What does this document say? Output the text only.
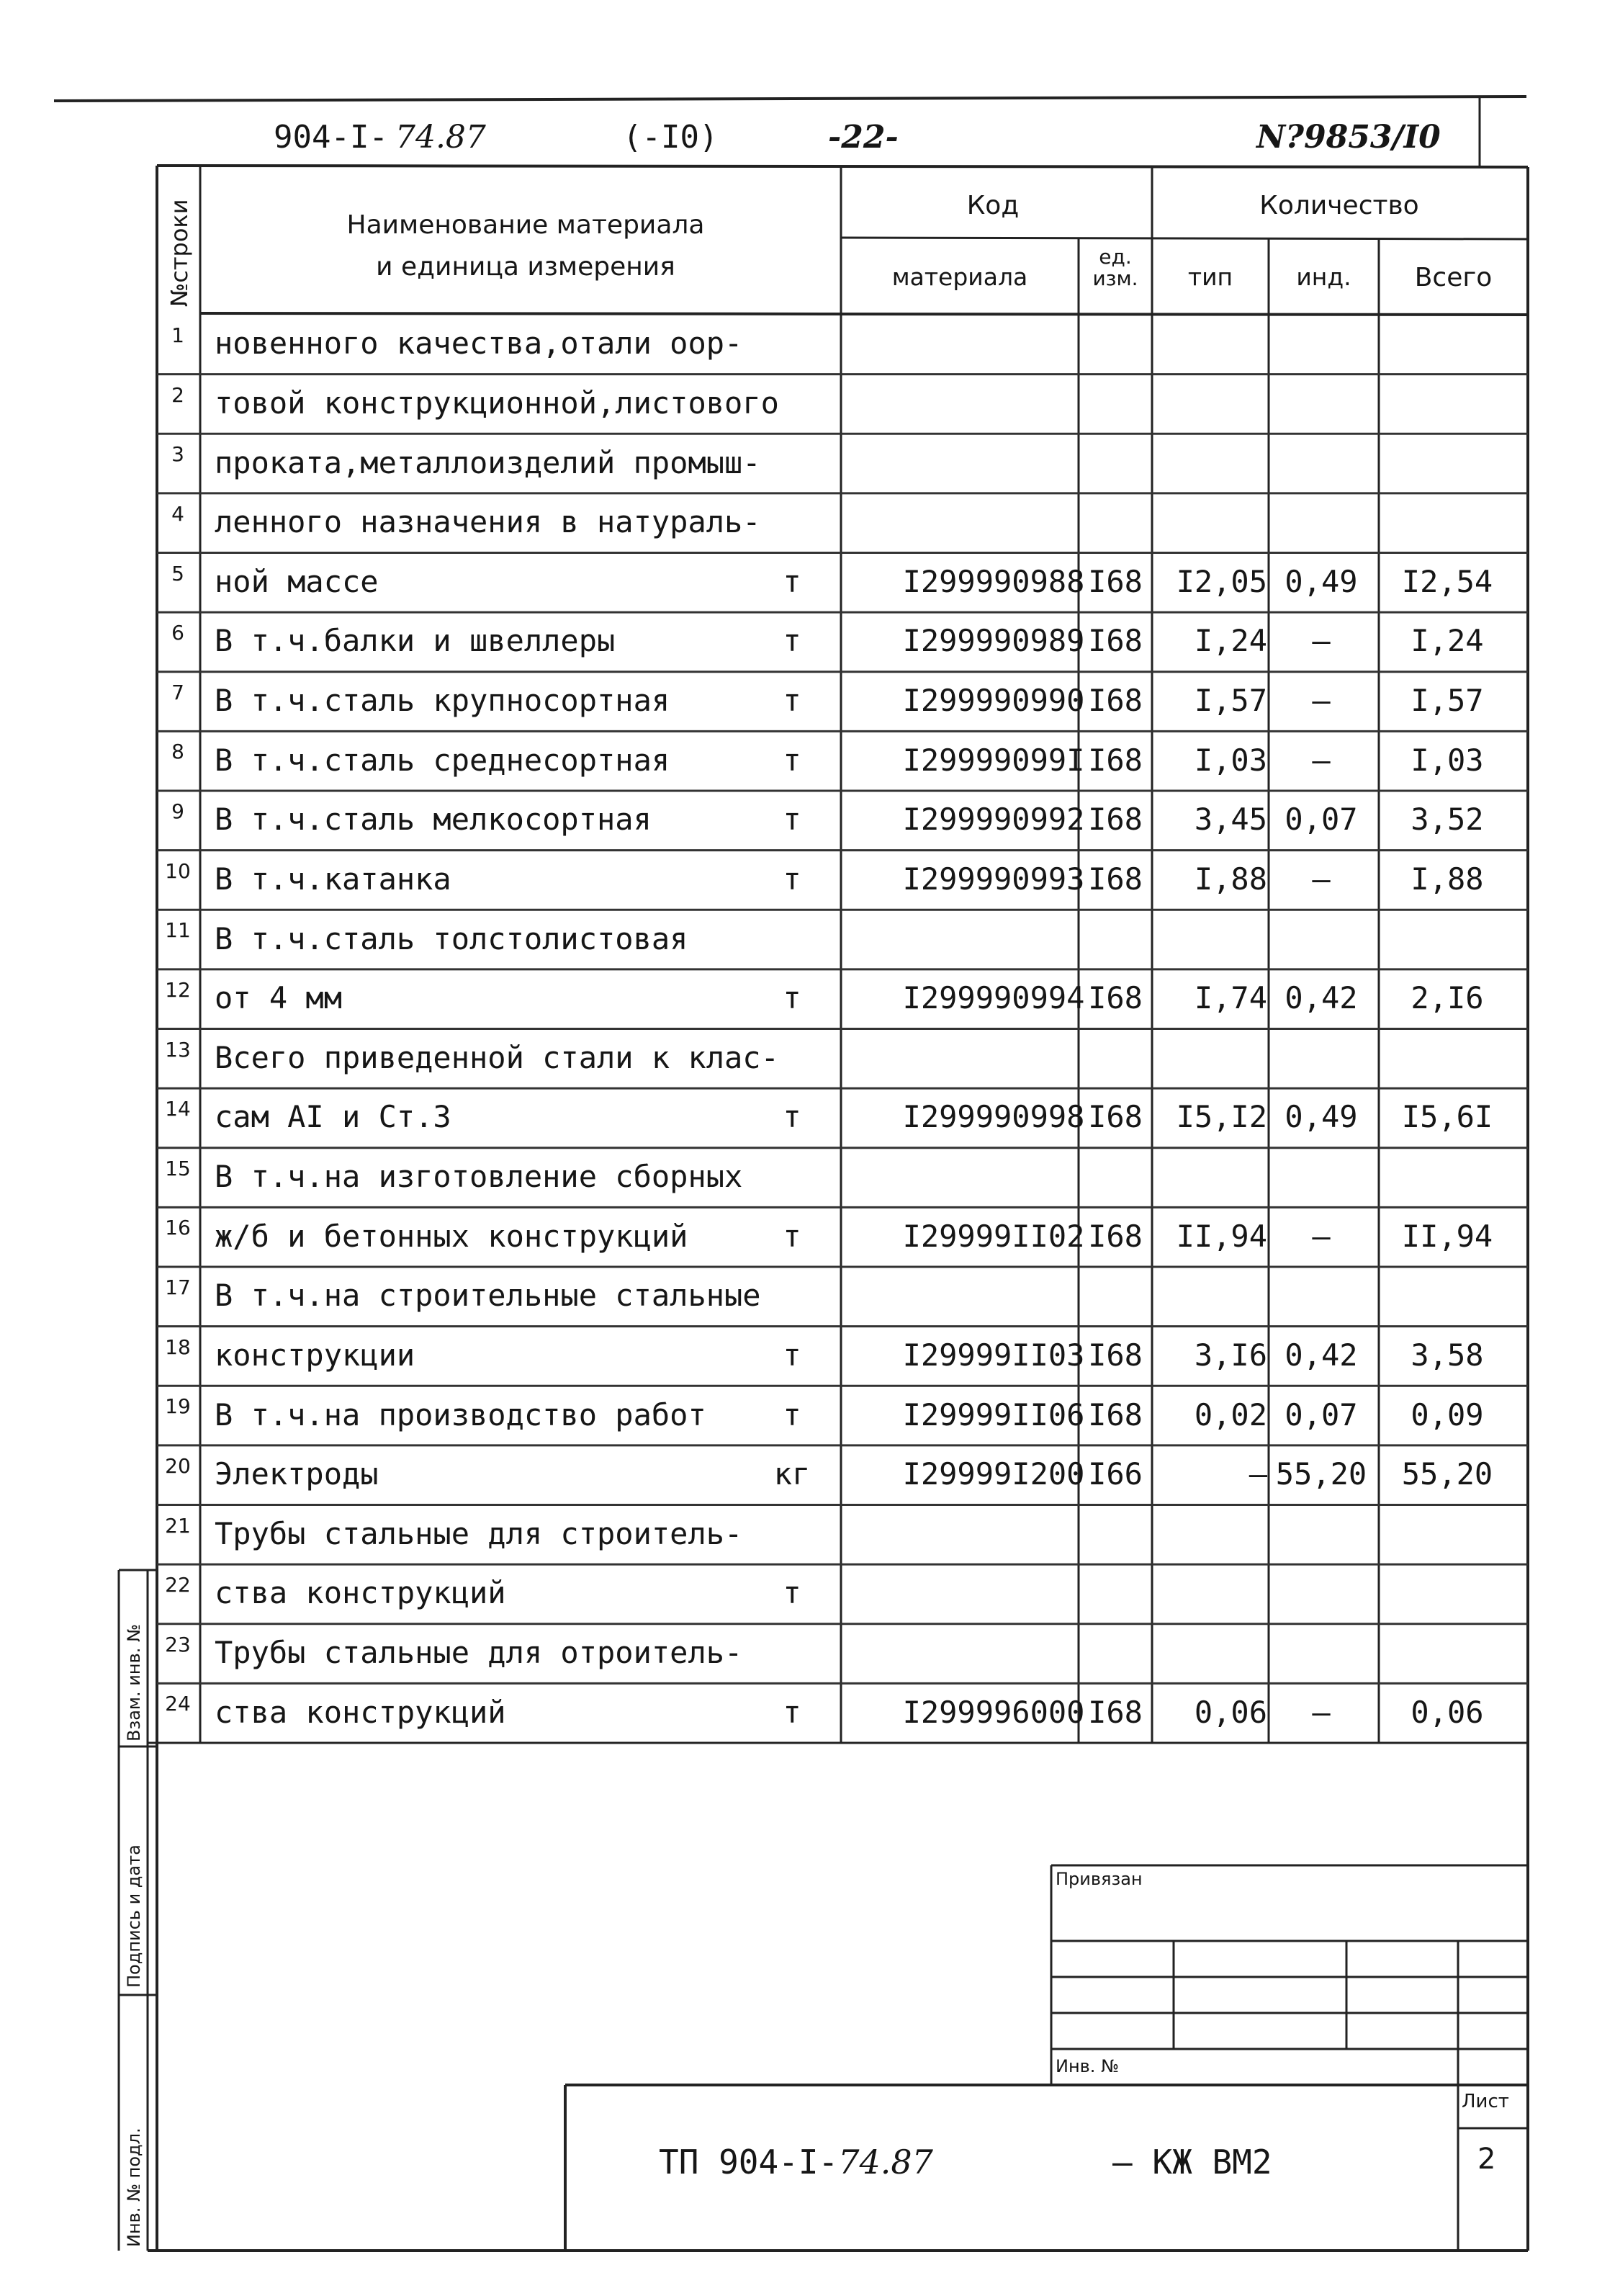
904-I- 74.87	(-I0)	-22-	N?9853/I0
№строки	Наименование материала
и единица измерения
Код	Количество
материала
ед.
изм.	тип	инд.	Всего
1	новенного качества,отали оор-
2	товой конструкционной,листового
3	проката,металлоизделий промыш-
4	ленного назначения в натураль-
5	ной массе	т	I299990988 I68	I2,05 0,49	I2,54
6	В т.ч.балки и швеллеры	т	I299990989 I68	I,24	–	I,24
7	В т.ч.сталь крупносортная	т	I299990990 I68	I,57	–	I,57
8	В т.ч.сталь среднесортная	т	I29999099I I68	I,03	–	I,03
9	В т.ч.сталь мелкосортная	т	I299990992 I68	3,45 0,07	3,52
10 В т.ч.катанка	т	I299990993 I68	I,88	–	I,88
11 В т.ч.сталь толстолистовая
12 от 4 мм	т	I299990994 I68	I,74 0,42	2,I6
13 Всего приведенной стали к клас-
14 сам AI и Ст.3	т	I299990998 I68	I5,I2 0,49	I5,6I
15 В т.ч.на изготовление сборных
16 ж/б и бетонных конструкций	т	I29999II02 I68	II,94	–	II,94
17 В т.ч.на строительные стальные
18 конструкции	т	I29999II03 I68	3,I6 0,42	3,58
19 В т.ч.на производство работ	т	I29999II06 I68	0,02 0,07	0,09
20 Электроды	кг	I29999I200 I66	– 55,20	55,20
21 Трубы стальные для строитель-
22 ства конструкций	т
23 Трубы стальные для отроитель-
24 ства конструкций	т	I299996000 I68	0,06	–	0,06
Взам. инв. №
Подпись и дата
Инв. № подл.
Привязан
Инв. №
Лист
2
ТП 904-I-74.87	– КЖ ВМ2
